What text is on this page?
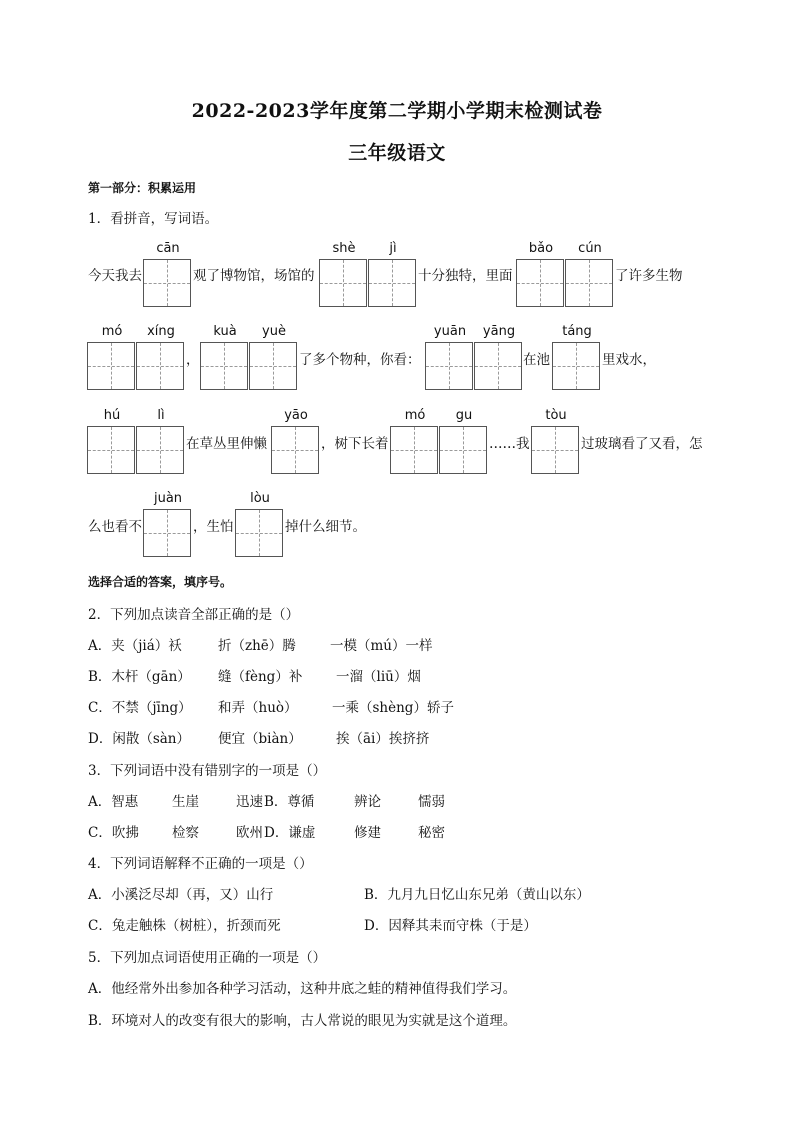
2022-2023学年度第二学期小学期末检测试卷
三年级语文
第一部分：积累运用
1．看拼音，写词语。
今天我去
cān
观了博物馆，场馆的
shè	jì
十分独特，里面
bǎo	cún
了许多生物
mó	xíng
，
kuà	yuè
了多个物种，你看：
yuān	yāng
在池
táng
里戏水，
hú	lì
在草丛里伸懒
yāo
，树下长着
mó	gu
……我
tòu
过玻璃看了又看，怎
么也看不
juàn
，生怕
lòu
掉什么细节。
选择合适的答案，填序号。
2．下列加点读音全部正确的是（）
A．夹（jiá）袄	折（zhē）腾	一模（mú）一样
B．木杆（gān） 缝（fèng）补 一溜（liū）烟
C．不禁（jīng） 和弄（huò）	一乘（shèng）轿子
D．闲散（sàn） 便宜（biàn）	挨（āi）挨挤挤
3．下列词语中没有错别字的一项是（）
A．智惠	生崖	迅速 B．尊循	辨论	懦弱
C．吹拂 检察	欧州 D．谦虚	修建	秘密
4．下列词语解释不正确的一项是（）
A．小溪泛尽却（再，又）山行	B．九月九日忆山东兄弟（黄山以东）
C．兔走触株（树桩），折颈而死	D．因释其耒而守株（于是）
5．下列加点词语使用正确的一项是（）
A．他经常外出参加各种学习活动，这种井底之蛙的精神值得我们学习。
B．环境对人的改变有很大的影响，古人常说的眼见为实就是这个道理。
